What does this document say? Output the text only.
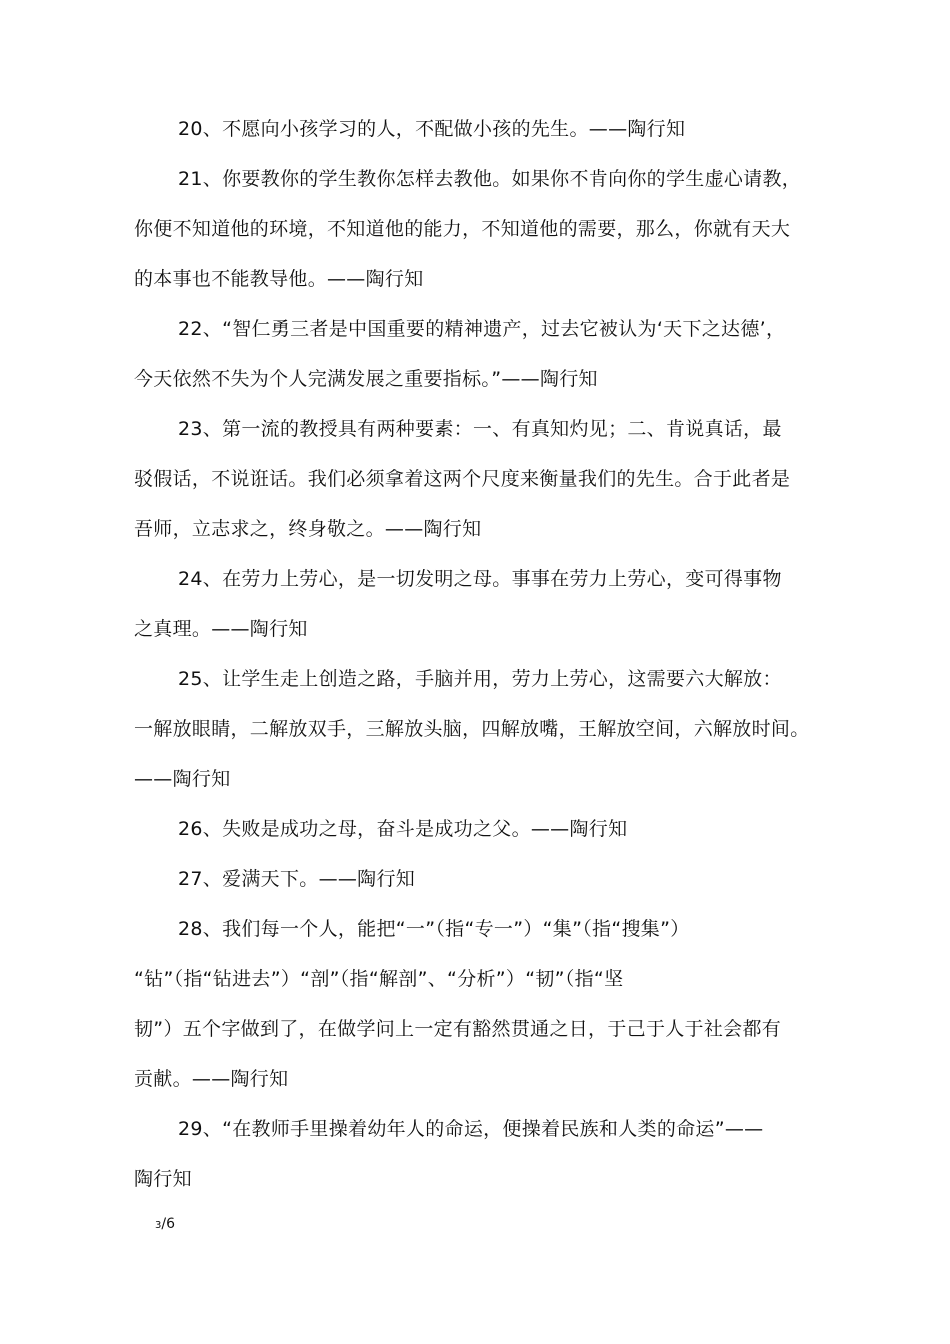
20、不愿向小孩学习的人，不配做小孩的先生。——陶行知
21、你要教你的学生教你怎样去教他。如果你不肯向你的学生虚心请教，
你便不知道他的环境，不知道他的能力，不知道他的需要，那么，你就有天大
的本事也不能教导他。——陶行知
22、“智仁勇三者是中国重要的精神遗产，过去它被认为‘天下之达德’，
今天依然不失为个人完满发展之重要指标。”——陶行知
23、第一流的教授具有两种要素：一、有真知灼见；二、肯说真话，最
驳假话，不说诳话。我们必须拿着这两个尺度来衡量我们的先生。合于此者是
吾师，立志求之，终身敬之。——陶行知
24、在劳力上劳心，是一切发明之母。事事在劳力上劳心，变可得事物
之真理。——陶行知
25、让学生走上创造之路，手脑并用，劳力上劳心，这需要六大解放：
一解放眼睛，二解放双手，三解放头脑，四解放嘴，王解放空间，六解放时间。
——陶行知
26、失败是成功之母，奋斗是成功之父。——陶行知
27、爱满天下。——陶行知
28、我们每一个人，能把“一”（指“专一”）“集”（指“搜集”）
“钻”（指“钻进去”）“剖”（指“解剖”、“分析”）“韧”（指“坚
韧”）五个字做到了，在做学问上一定有豁然贯通之日，于己于人于社会都有
贡献。——陶行知
29、“在教师手里操着幼年人的命运，便操着民族和人类的命运”——
陶行知
3/6
